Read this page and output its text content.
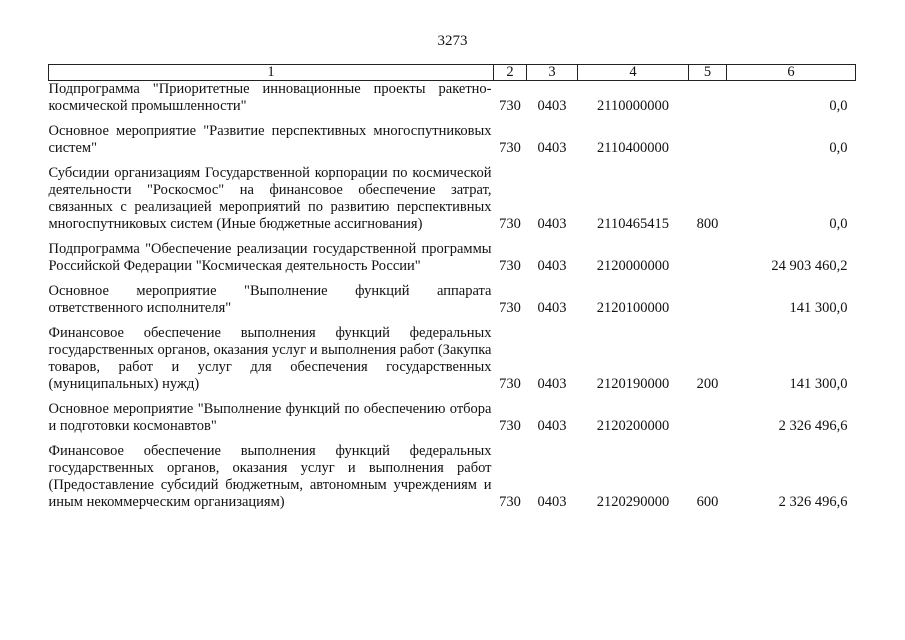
3273
1	2	3	4	5	6
Подпрограмма "Приоритетные инновационные проекты ракетно-космической промышленности"	730	0403	2110000000		0,0

Основное мероприятие "Развитие перспективных многоспутниковых систем"	730	0403	2110400000		0,0

Субсидии организациям Государственной корпорации по космической деятельности "Роскосмос" на финансовое обеспечение затрат, связанных с реализацией мероприятий по развитию перспективных многоспутниковых систем (Иные бюджетные ассигнования)	730	0403	2110465415	800	0,0

Подпрограмма "Обеспечение реализации государственной программы Российской Федерации "Космическая деятельность России"	730	0403	2120000000		24 903 460,2

Основное мероприятие "Выполнение функций аппарата ответственного исполнителя"	730	0403	2120100000		141 300,0

Финансовое обеспечение выполнения функций федеральных государственных органов, оказания услуг и выполнения работ (Закупка товаров, работ и услуг для обеспечения государственных (муниципальных) нужд)	730	0403	2120190000	200	141 300,0

Основное мероприятие "Выполнение функций по обеспечению отбора и подготовки космонавтов"	730	0403	2120200000		2 326 496,6

Финансовое обеспечение выполнения функций федеральных государственных органов, оказания услуг и выполнения работ (Предоставление субсидий бюджетным, автономным учреждениям и иным некоммерческим организациям)	730	0403	2120290000	600	2 326 496,6
